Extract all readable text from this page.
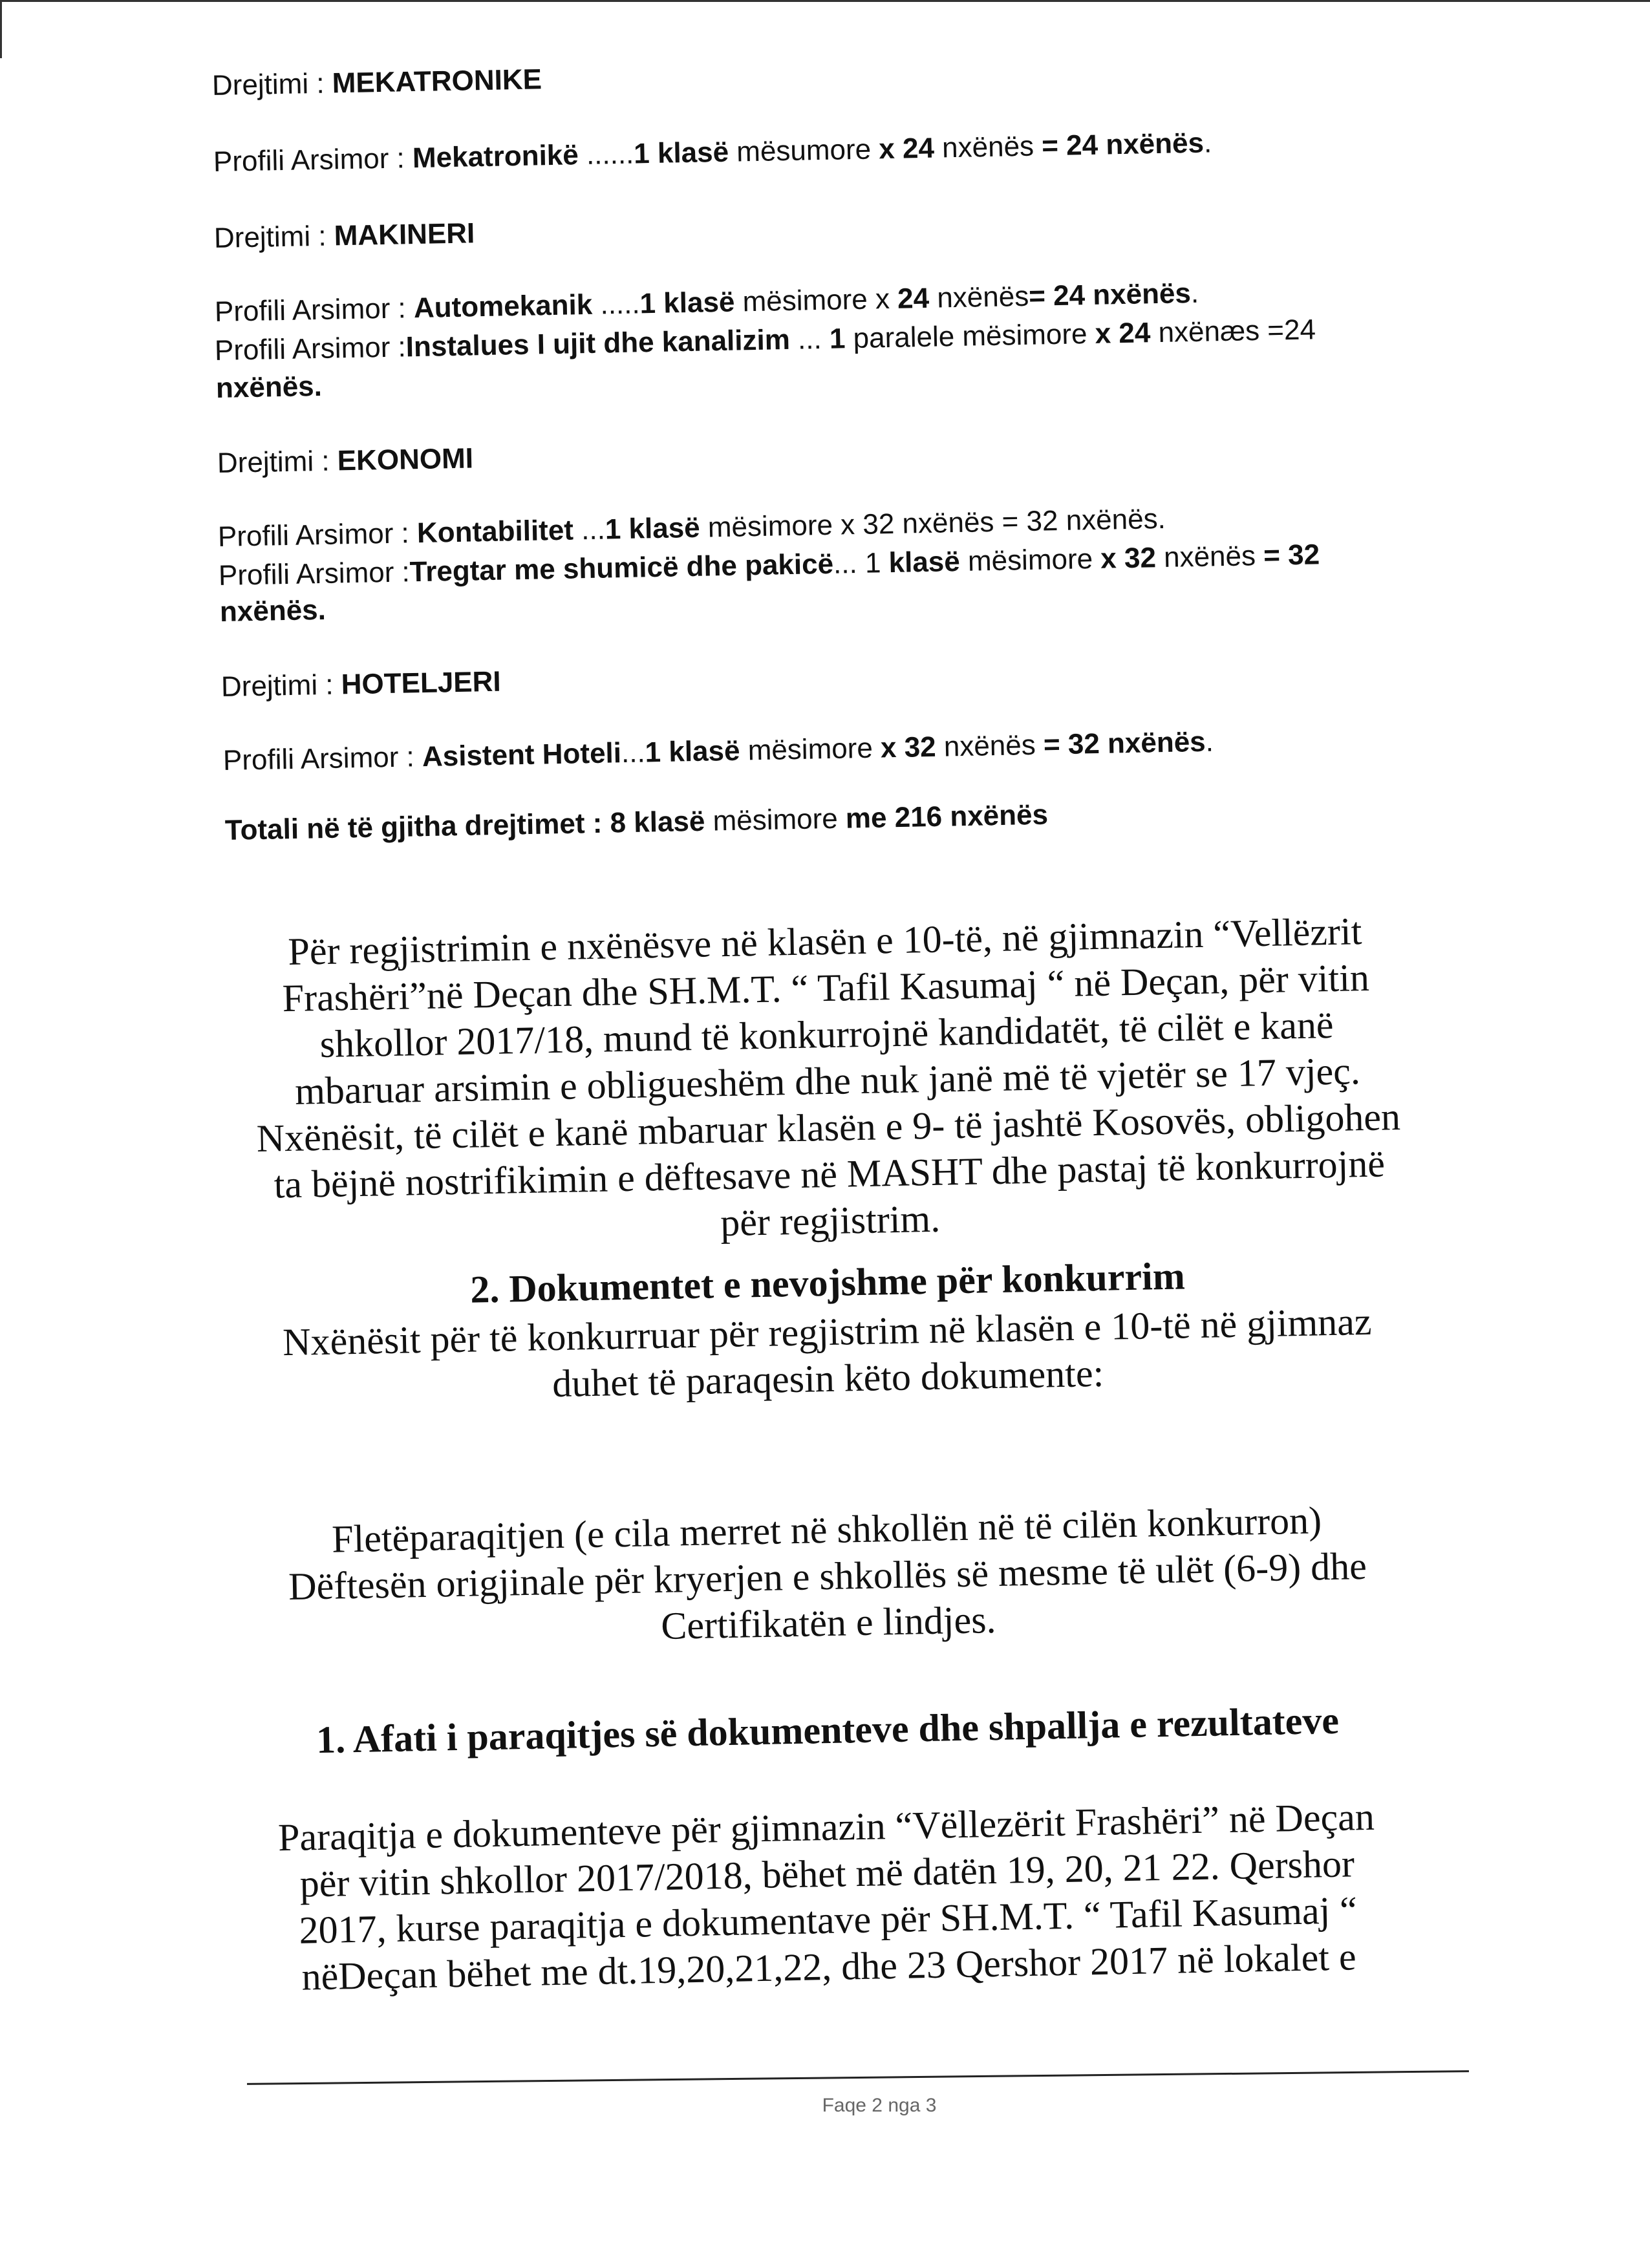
Drejtimi : MEKATRONIKE
Profili Arsimor : Mekatronikë ......1 klasë mësumore x 24 nxënës = 24 nxënës.
Drejtimi : MAKINERI
Profili Arsimor : Automekanik .....1 klasë mësimore x 24 nxënës= 24 nxënës.
Profili Arsimor :Instalues I ujit dhe kanalizim ... 1 paralele mësimore x 24 nxënæs =24
nxënës.
Drejtimi : EKONOMI
Profili Arsimor : Kontabilitet ...1 klasë mësimore x 32 nxënës = 32 nxënës.
Profili Arsimor :Tregtar me shumicë dhe pakicë... 1 klasë mësimore x 32 nxënës = 32
nxënës.
Drejtimi : HOTELJERI
Profili Arsimor : Asistent Hoteli...1 klasë mësimore x 32 nxënës = 32 nxënës.
Totali në të gjitha drejtimet : 8 klasë mësimore me 216 nxënës
Për regjistrimin e nxënësve në klasën e 10-të, në gjimnazin “Vellëzrit
Frashëri”në Deçan dhe SH.M.T. “ Tafil Kasumaj “ në Deçan, për vitin
shkollor 2017/18, mund të konkurrojnë kandidatët, të cilët e kanë
mbaruar arsimin e obligueshëm dhe nuk janë më të vjetër se 17 vjeç.
Nxënësit, të cilët e kanë mbaruar klasën e 9- të jashtë Kosovës, obligohen
ta bëjnë nostrifikimin e dëftesave në MASHT dhe pastaj të konkurrojnë
për regjistrim.
2. Dokumentet e nevojshme për konkurrim
Nxënësit për të konkurruar për regjistrim në klasën e 10-të në gjimnaz
duhet të paraqesin këto dokumente:
Fletëparaqitjen (e cila merret në shkollën në të cilën konkurron)
Dëftesën origjinale për kryerjen e shkollës së mesme të ulët (6-9) dhe
Certifikatën e lindjes.
1. Afati i paraqitjes së dokumenteve dhe shpallja e rezultateve
Paraqitja e dokumenteve për gjimnazin “Vëllezërit Frashëri” në Deçan
për vitin shkollor 2017/2018, bëhet më datën 19, 20, 21 22. Qershor
2017, kurse paraqitja e dokumentave për SH.M.T. “ Tafil Kasumaj “
nëDeçan bëhet me dt.19,20,21,22, dhe 23 Qershor 2017 në lokalet e
Faqe 2 nga 3
